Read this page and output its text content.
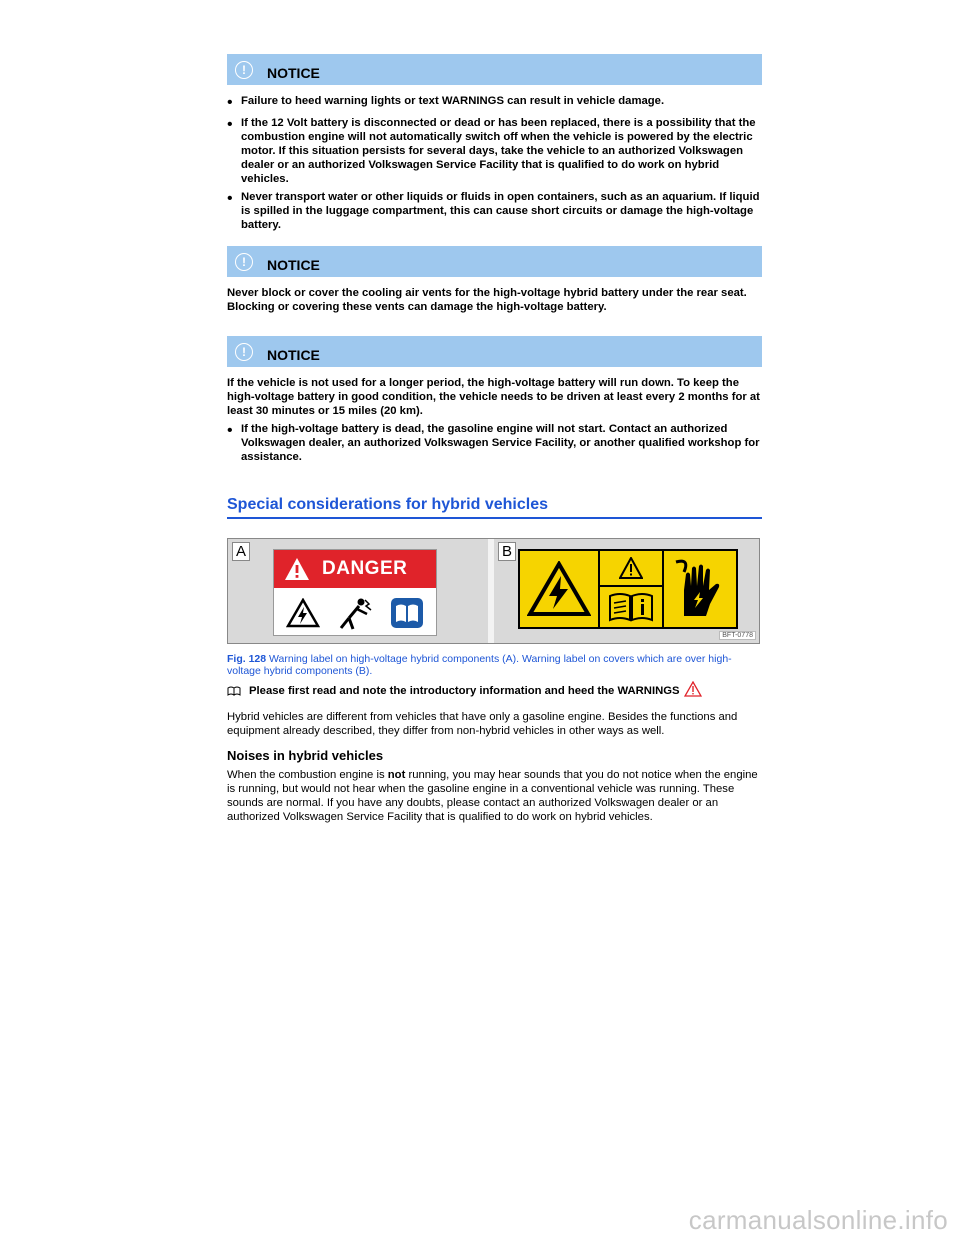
!	NOTICE
• Failure to heed warning lights or text WARNINGS can result in vehicle damage.
• If the 12 Volt battery is disconnected or dead or has been replaced, there is a possibility that the combustion engine will not automatically switch off when the vehicle is powered by the electric motor. If this situation persists for several days, take the vehicle to an authorized Volkswagen dealer or an authorized Volkswagen Service Facility that is qualified to do work on hybrid vehicles.
• Never transport water or other liquids or fluids in open containers, such as an aquarium. If liquid is spilled in the luggage compartment, this can cause short circuits or damage the high-voltage battery.
!	NOTICE

Never block or cover the cooling air vents for the high-voltage hybrid battery under the rear seat. Blocking or covering these vents can damage the high-voltage battery.

!	NOTICE

If the vehicle is not used for a longer period, the high-voltage battery will run down. To keep the high-voltage battery in good condition, the vehicle needs to be driven at least every 2 months for at least 30 minutes or 15 miles (20 km).

• If the high-voltage battery is dead, the gasoline engine will not start. Contact an authorized Volkswagen dealer, an authorized Volkswagen Service Facility, or another qualified workshop for assistance.
Special considerations for hybrid vehicles
A
DANGER
B
BFT-0778
Fig. 128 Warning label on high-voltage hybrid components (A). Warning label on covers which are over high-voltage hybrid components (B).
Please first read and note the introductory information and heed the WARNINGS

Hybrid vehicles are different from vehicles that have only a gasoline engine. Besides the functions and equipment already described, they differ from non-hybrid vehicles in other ways as well.

Noises in hybrid vehicles

When the combustion engine is not running, you may hear sounds that you do not notice when the engine is running, but would not hear when the gasoline engine in a conventional vehicle was running. These sounds are normal. If you have any doubts, please contact an authorized Volkswagen dealer or an authorized Volkswagen Service Facility that is qualified to do work on hybrid vehicles.

carmanualsonline.info
